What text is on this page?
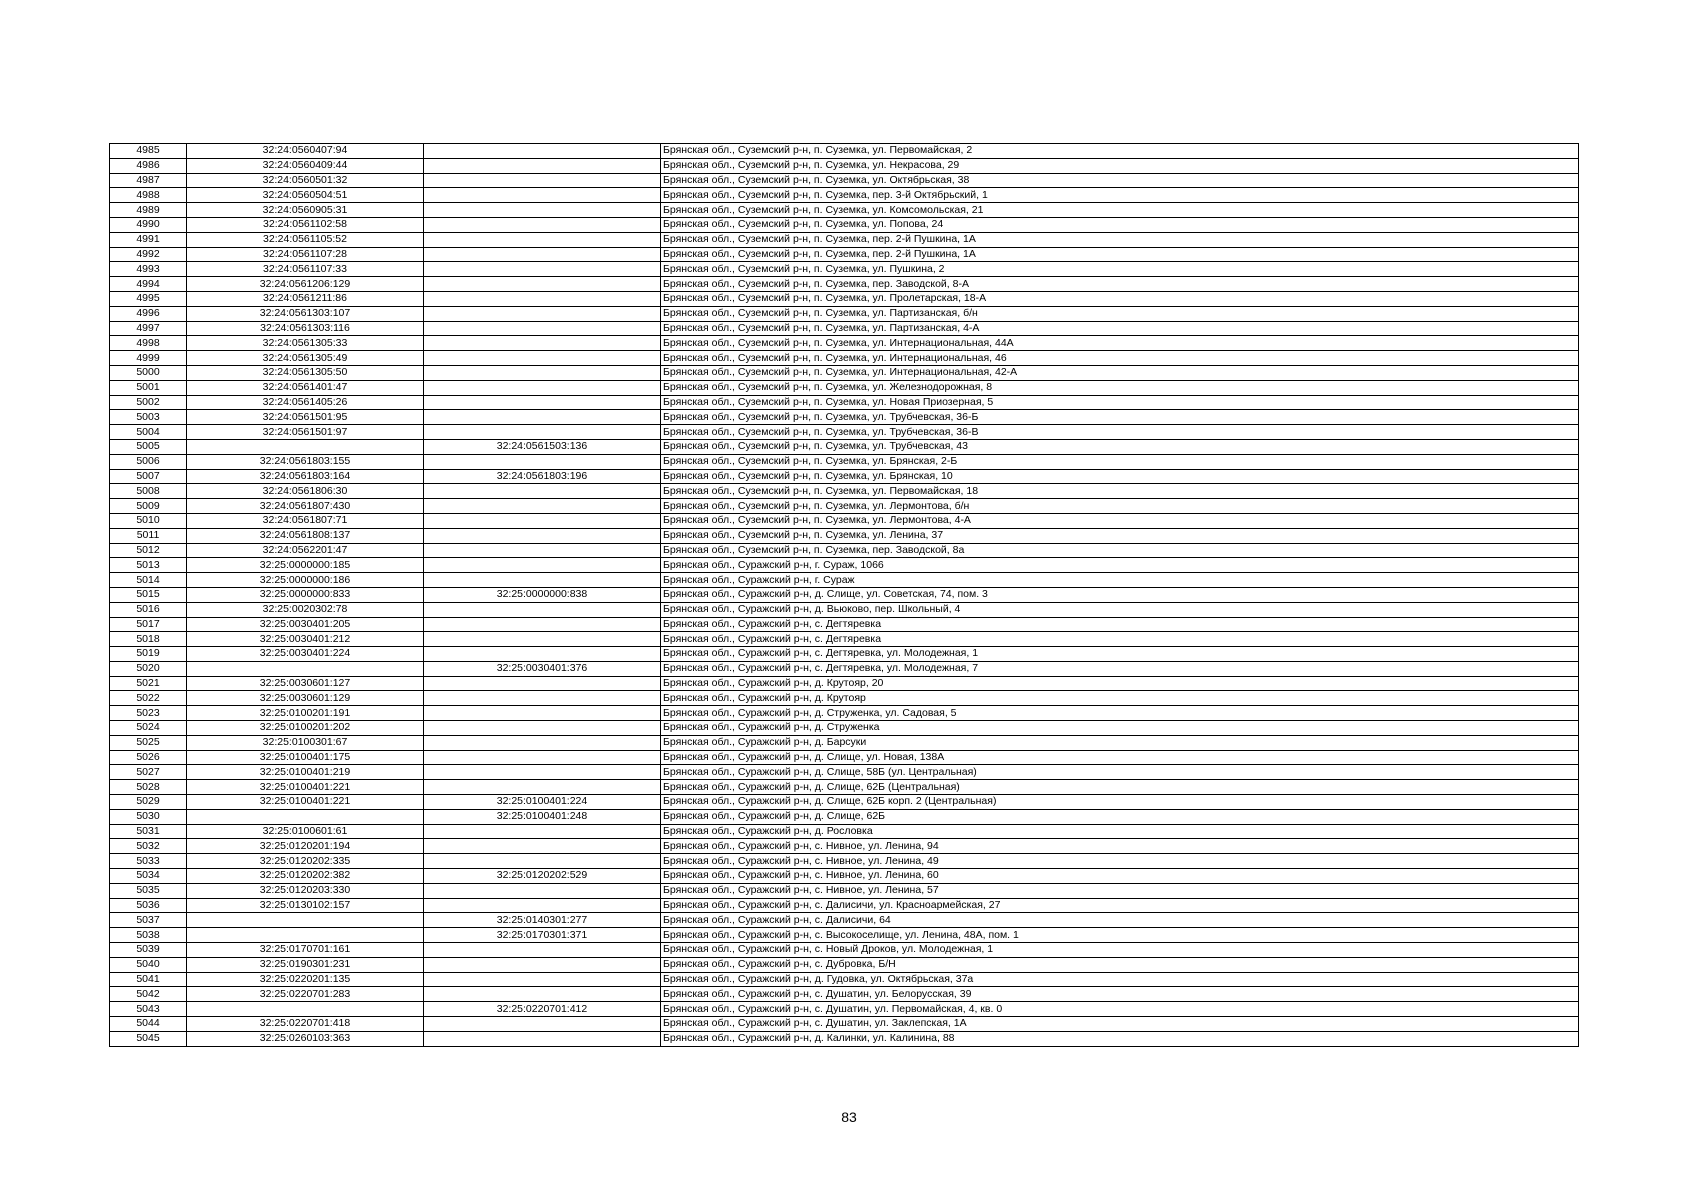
4985	32:24:0560407:94		Брянская обл., Суземский р-н, п. Суземка, ул. Первомайская, 2
4986	32:24:0560409:44		Брянская обл., Суземский р-н, п. Суземка, ул. Некрасова, 29
4987	32:24:0560501:32		Брянская обл., Суземский р-н, п. Суземка, ул. Октябрьская, 38
4988	32:24:0560504:51		Брянская обл., Суземский р-н, п. Суземка, пер. 3-й Октябрьский, 1
4989	32:24:0560905:31		Брянская обл., Суземский р-н, п. Суземка, ул. Комсомольская, 21
4990	32:24:0561102:58		Брянская обл., Суземский р-н, п. Суземка, ул. Попова, 24
4991	32:24:0561105:52		Брянская обл., Суземский р-н, п. Суземка, пер. 2-й Пушкина, 1А
4992	32:24:0561107:28		Брянская обл., Суземский р-н, п. Суземка, пер. 2-й Пушкина, 1А
4993	32:24:0561107:33		Брянская обл., Суземский р-н, п. Суземка, ул. Пушкина, 2
4994	32:24:0561206:129		Брянская обл., Суземский р-н, п. Суземка, пер. Заводской, 8-А
4995	32:24:0561211:86		Брянская обл., Суземский р-н, п. Суземка, ул. Пролетарская, 18-А
4996	32:24:0561303:107		Брянская обл., Суземский р-н, п. Суземка, ул. Партизанская, б/н
4997	32:24:0561303:116		Брянская обл., Суземский р-н, п. Суземка, ул. Партизанская, 4-А
4998	32:24:0561305:33		Брянская обл., Суземский р-н, п. Суземка, ул. Интернациональная, 44А
4999	32:24:0561305:49		Брянская обл., Суземский р-н, п. Суземка, ул. Интернациональная, 46
5000	32:24:0561305:50		Брянская обл., Суземский р-н, п. Суземка, ул. Интернациональная, 42-А
5001	32:24:0561401:47		Брянская обл., Суземский р-н, п. Суземка, ул. Железнодорожная, 8
5002	32:24:0561405:26		Брянская обл., Суземский р-н, п. Суземка, ул. Новая Приозерная, 5
5003	32:24:0561501:95		Брянская обл., Суземский р-н, п. Суземка, ул. Трубчевская, 36-Б
5004	32:24:0561501:97		Брянская обл., Суземский р-н, п. Суземка, ул. Трубчевская, 36-В
5005		32:24:0561503:136	Брянская обл., Суземский р-н, п. Суземка, ул. Трубчевская, 43
5006	32:24:0561803:155		Брянская обл., Суземский р-н, п. Суземка, ул. Брянская, 2-Б
5007	32:24:0561803:164	32:24:0561803:196	Брянская обл., Суземский р-н, п. Суземка, ул. Брянская, 10
5008	32:24:0561806:30		Брянская обл., Суземский р-н, п. Суземка, ул. Первомайская, 18
5009	32:24:0561807:430		Брянская обл., Суземский р-н, п. Суземка, ул. Лермонтова, б/н
5010	32:24:0561807:71		Брянская обл., Суземский р-н, п. Суземка, ул. Лермонтова, 4-А
5011	32:24:0561808:137		Брянская обл., Суземский р-н, п. Суземка, ул. Ленина, 37
5012	32:24:0562201:47		Брянская обл., Суземский р-н, п. Суземка, пер. Заводской, 8а
5013	32:25:0000000:185		Брянская обл., Суражский р-н, г. Сураж, 1066
5014	32:25:0000000:186		Брянская обл., Суражский р-н, г. Сураж
5015	32:25:0000000:833	32:25:0000000:838	Брянская обл., Суражский р-н, д. Слище, ул. Советская, 74, пом. 3
5016	32:25:0020302:78		Брянская обл., Суражский р-н, д. Вьюково, пер. Школьный, 4
5017	32:25:0030401:205		Брянская обл., Суражский р-н, с. Дегтяревка
5018	32:25:0030401:212		Брянская обл., Суражский р-н, с. Дегтяревка
5019	32:25:0030401:224		Брянская обл., Суражский р-н, с. Дегтяревка, ул. Молодежная, 1
5020		32:25:0030401:376	Брянская обл., Суражский р-н, с. Дегтяревка, ул. Молодежная, 7
5021	32:25:0030601:127		Брянская обл., Суражский р-н, д. Крутояр, 20
5022	32:25:0030601:129		Брянская обл., Суражский р-н, д. Крутояр
5023	32:25:0100201:191		Брянская обл., Суражский р-н, д. Струженка, ул. Садовая, 5
5024	32:25:0100201:202		Брянская обл., Суражский р-н, д. Струженка
5025	32:25:0100301:67		Брянская обл., Суражский р-н, д. Барсуки
5026	32:25:0100401:175		Брянская обл., Суражский р-н, д. Слище, ул. Новая, 138А
5027	32:25:0100401:219		Брянская обл., Суражский р-н, д. Слище, 58Б (ул. Центральная)
5028	32:25:0100401:221		Брянская обл., Суражский р-н, д. Слище, 62Б (Центральная)
5029	32:25:0100401:221	32:25:0100401:224	Брянская обл., Суражский р-н, д. Слище, 62Б корп. 2 (Центральная)
5030		32:25:0100401:248	Брянская обл., Суражский р-н, д. Слище, 62Б
5031	32:25:0100601:61		Брянская обл., Суражский р-н, д. Рословка
5032	32:25:0120201:194		Брянская обл., Суражский р-н, с. Нивное, ул. Ленина, 94
5033	32:25:0120202:335		Брянская обл., Суражский р-н, с. Нивное, ул. Ленина, 49
5034	32:25:0120202:382	32:25:0120202:529	Брянская обл., Суражский р-н, с. Нивное, ул. Ленина, 60
5035	32:25:0120203:330		Брянская обл., Суражский р-н, с. Нивное, ул. Ленина, 57
5036	32:25:0130102:157		Брянская обл., Суражский р-н, с. Далисичи, ул. Красноармейская, 27
5037		32:25:0140301:277	Брянская обл., Суражский р-н, с. Далисичи, 64
5038		32:25:0170301:371	Брянская обл., Суражский р-н, с. Высокоселище, ул. Ленина, 48А, пом. 1
5039	32:25:0170701:161		Брянская обл., Суражский р-н, с. Новый Дроков, ул. Молодежная, 1
5040	32:25:0190301:231		Брянская обл., Суражский р-н, с. Дубровка, Б/Н
5041	32:25:0220201:135		Брянская обл., Суражский р-н, д. Гудовка, ул. Октябрьская, 37а
5042	32:25:0220701:283		Брянская обл., Суражский р-н, с. Душатин, ул. Белорусская, 39
5043		32:25:0220701:412	Брянская обл., Суражский р-н, с. Душатин, ул. Первомайская, 4, кв. 0
5044	32:25:0220701:418		Брянская обл., Суражский р-н, с. Душатин, ул. Заклепская, 1А
5045	32:25:0260103:363		Брянская обл., Суражский р-н, д. Калинки, ул. Калинина, 88
83
